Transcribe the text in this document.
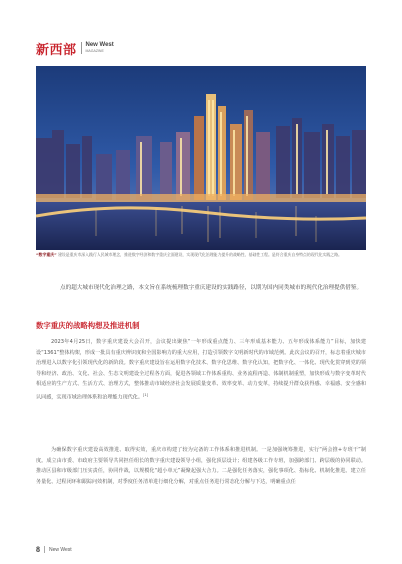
新西部 New West
MAGAZINE
“数字重庆” 建设是重庆市深入践行人民城市理念，推进数字经济和数字重庆全面建设，实现现代化治理能力提升的战略性、基础性工程。是符合重庆自身特点的现代化实践之路。
点的超大城市现代化治理之路，本文旨在系统梳理数字重庆建设的实践路径，以期为国内同类城市的现代化治理提供借鉴。
数字重庆的战略构想及推进机制
2023年4月25日，数字重庆建设大会召开，会议提出聚焦“一年形成重点能力、三年形成基本能力、五年形成体系能力”目标，加快建设“1361”整体构架，形成一批具有重庆辨识度和全国影响力的重大应用，打造引领数字文明新时代的市域范例。此次会议的召开，标志着重庆城市治理进入以数字化引领现代化的新阶段。数字重庆建设旨在运用数字化技术、数字化思维、数字化认知，把数字化、一体化、现代化贯穿到党的领导和经济、政治、文化、社会、生态文明建设全过程各方面，促进各领域工作体系重构、业务流程再造、体制机制重塑，加快形成与数字变革时代相适应的生产方式、生活方式、治理方式，整体推动市域经济社会发展质量变革、效率变革、动力变革，持续提升群众获得感、幸福感、安全感和认同感，实现市域治理体系和治理能力现代化。[1]
为确保数字重庆建设高效推进、取得实效，重庆市构建了较为完备的工作体系和推进机制。一是加强统筹推进，实行“两会推+专班干”制度。成立由市委、市政府主要领导共同担任组长的数字重庆建设领导小组，强化顶层设计；组建各级工作专班，加强跨部门、跨层级的协同联动。推动区县和市级部门压实责任，协同作战，以规模化“超小单元”凝聚起强大合力。二是强化任务落实，强化事项化、指标化、机制化推进。建立任务量化、过程闭环和跟踪问效机制，对季度任务清单进行细化分解，对重点任务进行常态化分解与下达，明确重点任
8 New West
